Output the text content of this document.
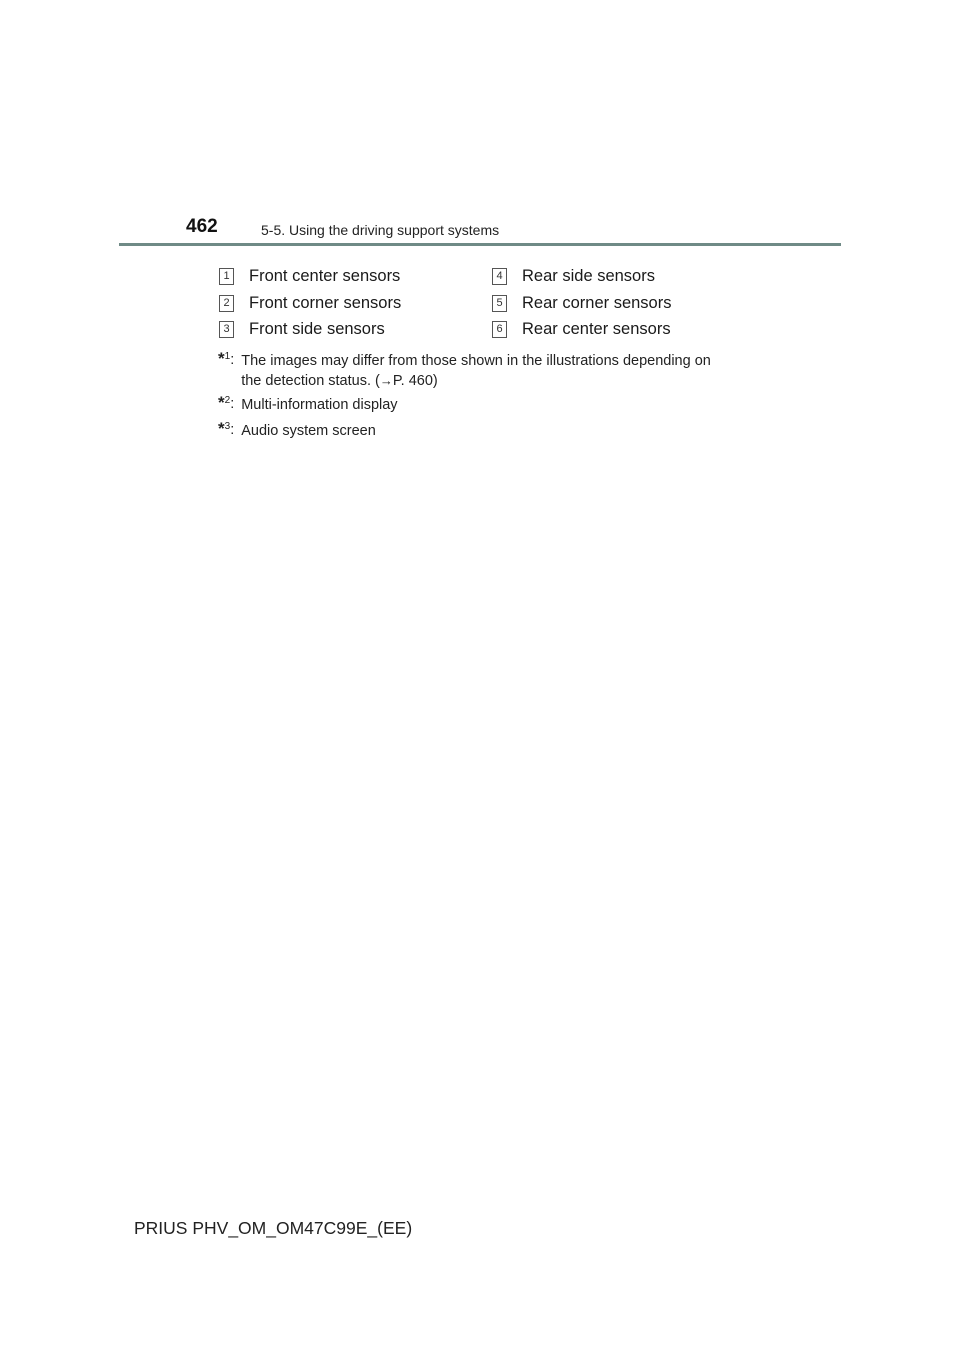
462	5-5. Using the driving support systems
1 Front center sensors
2 Front corner sensors
3 Front side sensors
4 Rear side sensors
5 Rear corner sensors
6 Rear center sensors
* 1 : The images may differ from those shown in the illustrations depending on
the detection status. (→P. 460)
* 2 : Multi-information display
* 3 : Audio system screen
PRIUS PHV_OM_OM47C99E_(EE)
